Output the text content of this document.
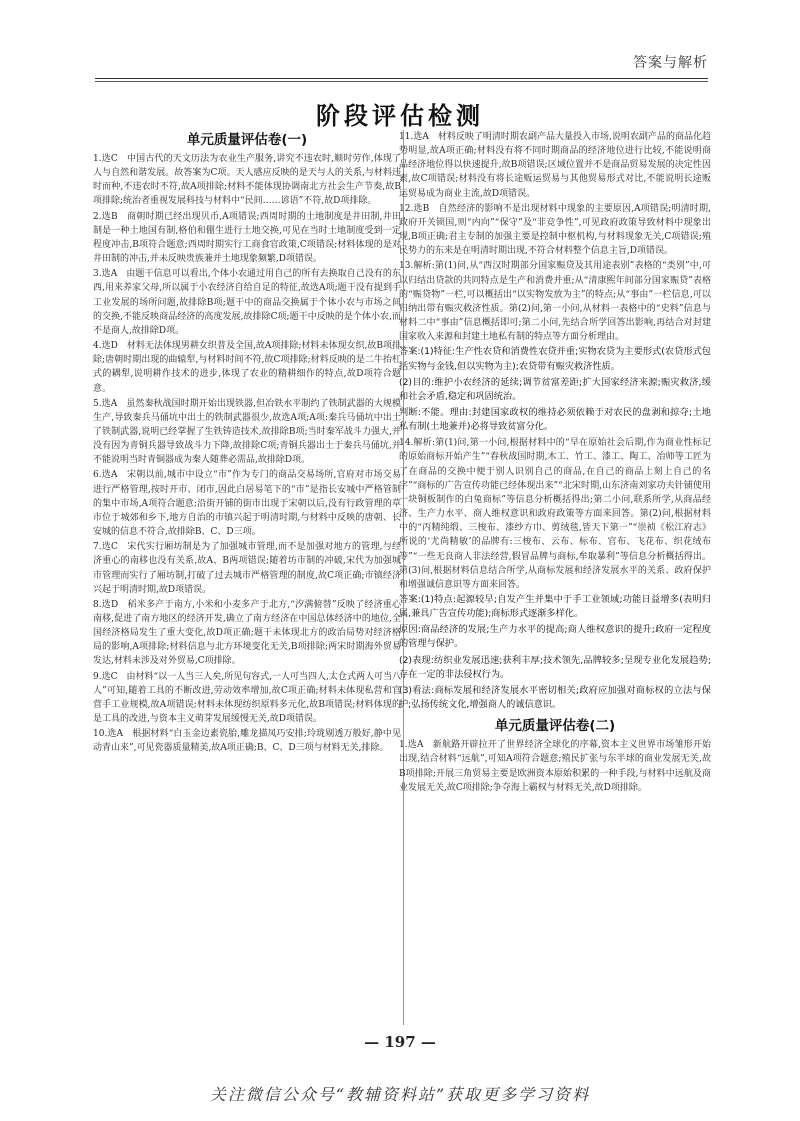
答案与解析
阶段评估检测
单元质量评估卷(一)

1.选C　中国古代的天文历法为农业生产服务,讲究不违农时,顺时劳作,体现了人与自然和谐发展。故答案为C项。天人感应反映的是天与人的关系,与材料违时而种,不违农时不符,故A项排除;材料不能体现协调南北方社会生产节奏,故B项排除;统治者重视发展科技与材料中“民间……谚语”不符,故D项排除。

2.选B　商朝时期已经出现贝币,A项错误;西周时期的土地制度是井田制,井田制是一种土地国有制,格伯和倗生进行土地交换,可见在当时土地制度受到一定程度冲击,B项符合题意;西周时期实行工商食官政策,C项错误;材料体现的是对井田制的冲击,并未反映贵族兼并土地现象频繁,D项错误。

3.选A　由题干信息可以看出,个体小农通过用自己的所有去换取自己没有的东西,用来养家父母,所以属于小农经济自给自足的特征,故选A项;题干没有提到手工业发展的场所问题,故排除B项;题干中的商品交换属于个体小农与市场之间的交换,不能反映商品经济的高度发展,故排除C项;题干中反映的是个体小农,而不是商人,故排除D项。

4.选D　材料无法体现男耕女织普及全国,故A项排除;材料未体现女织,故B项排除;唐朝时期出现的曲辕犁,与材料时间不符,故C项排除;材料反映的是二牛抬杠式的耦犁,说明耕作技术的进步,体现了农业的精耕细作的特点,故D项符合题意。

5.选A　虽然秦秋战国时期开始出现铁器,但冶铁水平制约了铁制武器的大规模生产,导致秦兵马俑坑中出土的铁制武器很少,故选A项;A项:秦兵马俑坑中出土了铁制武器,说明已经掌握了生铁铸造技术,故排除B项;当时秦军战斗力强大,并没有因为青铜兵器导致战斗力下降,故排除C项;青铜兵器出土于秦兵马俑坑,并不能说明当时青铜器成为秦人随葬必需品,故排除D项。

6.选A　宋朝以前,城市中设立“市”作为专门的商品交易场所,官府对市场交易进行严格管理,按时开市、闭市,因此白居易笔下的“市”是指长安城中严格管制的集中市场,A项符合题意;沿街开铺的街市出现于宋朝以后,没有行政管理的草市位于城郊和乡下,地方自治的市镇兴起于明清时期,与材料中反映的唐朝、长安城的信息不符合,故排除B、C、D三项。

7.选C　宋代实行厢坊制是为了加强城市管理,而不是加强对地方的管理,与经济重心的南移也没有关系,故A、B两项错误;随着坊市制的冲破,宋代为加强城市管理而实行了厢坊制,打破了过去城市严格管理的制度,故C项正确;市镇经济兴起于明清时期,故D项错误。

8.选D　稻米多产于南方,小米和小麦多产于北方,“汐满俯替”反映了经济重心南移,促进了南方地区的经济开发,确立了南方经济在中国总体经济中的地位,全国经济格局发生了重大变化,故D项正确;题干未体现北方的政治局势对经济格局的影响,A项排除;材料信息与北方环境变化无关,B项排除;两宋时期海外贸易发达,材料未涉及对外贸易,C项排除。

9.选C　由材料“以一人当三人矣,所见句容式,一人可当四人,太仓式两人可当八人”可知,随着工具的不断改进,劳动效率增加,故C项正确;材料未体现私营和官营手工业规模,故A项错误;材料未体现纺织原料多元化,故B项错误;材料体现的是工具的改进,与资本主义萌芽发展缓慢无关,故D项错误。

10.选A　根据材料“白玉金边素瓷胎,雕龙描凤巧安排;玲珑剔透万般好,静中见动青山来”,可见瓷器质量精美,故A项正确;B、C、D三项与材料无关,排除。

11.选A　材料反映了明清时期农副产品大量投入市场,说明农副产品的商品化趋势明显,故A项正确;材料没有将不同时期商品的经济地位进行比较,不能说明商品经济地位得以快速提升,故B项错误;区域位置并不是商品贸易发展的决定性因素,故C项错误;材料没有将长途贩运贸易与其他贸易形式对比,不能说明长途贩运贸易成为商业主流,故D项错误。

12.选B　自然经济的影响不是出现材料中现象的主要原因,A项错误;明清时期,政府开关锁国,则“内向”“保守”及“非竞争性”,可见政府政策导致材料中现象出现,B项正确;君主专制的加强主要是控制中枢机构,与材料现象无关,C项错误;殖民势力的东来是在明清时期出现,不符合材料整个信息主旨,D项错误。

13.解析:第(1)问,从“西汉时期部分国家赈贷及其用途表别”表格的“类别”中,可以归结出贷款的共同特点是生产和消费并重;从“清康熙年间部分国家赈贷”表格的“赈贷物”一栏,可以概括出“以实物发放为主”的特点;从“事由”一栏信息,可以归纳出带有赈灾救济性质。第(2)问,第一小问,从材料一表格中的“史料”信息与材料二中“事由”信息概括即可;第二小问,先结合所学回答出影响,再结合对封建国家收入来源和封建土地私有制的特点等方面分析理由。

答案:(1)特征:生产性农贷和消费性农贷并重;实物农贷为主要形式(农贷形式包括实物与金钱,但以实物为主);农贷带有赈灾救济性质。

(2)目的:维护小农经济的延续;调节贫富差距;扩大国家经济来源;赈灾救济,缓和社会矛盾,稳定和巩固统治。

判断:不能。理由:封建国家政权的维持必须依赖于对农民的盘剥和掠夺;土地私有制(土地兼并)必将导致贫富分化。

14.解析:第(1)问,第一小问,根据材料中的“早在原始社会后期,作为商业性标记的原始商标开始产生”“春秋战国时期,木工、竹工、漆工、陶工、冶师等工匠为了在商品的交换中便于别人识别自己的商品,在自己的商品上刻上自己的名字”“商标的广告宣传功能已经体现出来”“北宋时期,山东济南刘家功夫针铺使用一块铜板制作的白兔商标”等信息分析概括得出;第二小问,联系所学,从商品经济、生产力水平、商人维权意识和政府政策等方面来回答。第(2)问,根据材料中的“丙精纯缎、三梭布、漆纱方巾、剪绒毯,皆天下第一”“崇祯《松江府志》所说的‘尤尚精敏’的品牌有:三梭布、云布、标布、官布、飞花布、织花绒布等”“一些无良商人非法经营,假冒品牌与商标,牟取暴利”等信息分析概括得出。第(3)问,根据材料信息结合所学,从商标发展和经济发展水平的关系、政府保护和增强诚信意识等方面来回答。

答案:(1)特点:起源较早;自发产生并集中于手工业领域;功能日益增多(表明归属,兼具广告宣传功能);商标形式逐渐多样化。

原因:商品经济的发展;生产力水平的提高;商人维权意识的提升;政府一定程度的管理与保护。

(2)表现:纺织业发展迅速;获利丰厚;技术领先,品牌较多;呈现专业化发展趋势;存在一定的非法侵权行为。

(3)看法:商标发展和经济发展水平密切相关;政府应加强对商标权的立法与保护;弘扬传统文化,增强商人的诚信意识。

单元质量评估卷(二)

1.选A　新航路开辟拉开了世界经济全球化的序幕,资本主义世界市场雏形开始出现,结合材料“远航”,可知A项符合题意;殖民扩张与东半球的商业发展无关,故B项排除;开展三角贸易主要是欧洲资本原始积累的一种手段,与材料中远航及商业发展无关,故C项排除;争夺海上霸权与材料无关,故D项排除。

— 197 —
关注微信公众号“教辅资料站”获取更多学习资料
